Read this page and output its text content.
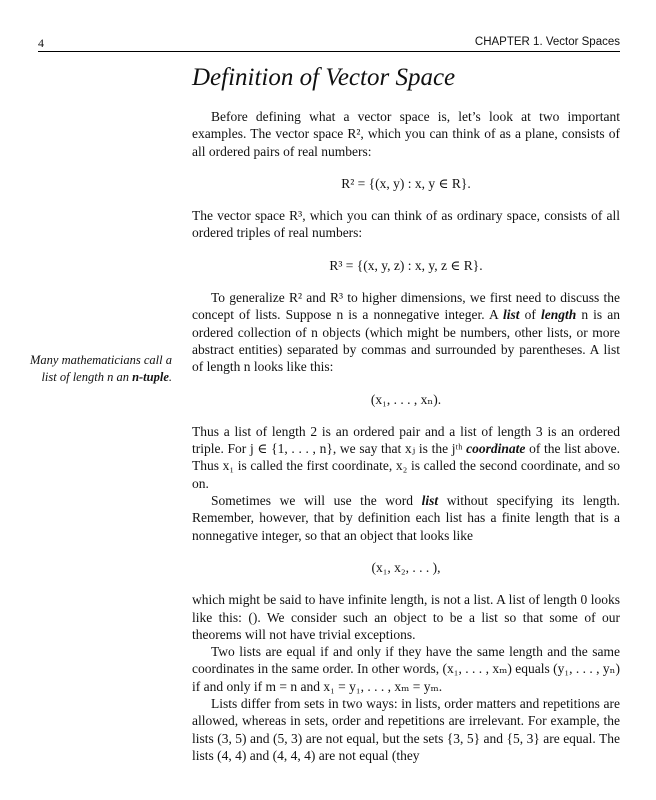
4	CHAPTER 1. Vector Spaces
Definition of Vector Space
Many mathematicians call a list of length n an n-tuple.

Before defining what a vector space is, let’s look at two important examples. The vector space R², which you can think of as a plane, consists of all ordered pairs of real numbers:

R² = {(x, y) : x, y ∈ R}.

The vector space R³, which you can think of as ordinary space, consists of all ordered triples of real numbers:

R³ = {(x, y, z) : x, y, z ∈ R}.

To generalize R² and R³ to higher dimensions, we first need to discuss the concept of lists. Suppose n is a nonnegative integer. A list of length n is an ordered collection of n objects (which might be numbers, other lists, or more abstract entities) separated by commas and surrounded by parentheses. A list of length n looks like this:

(x₁, . . . , xₙ).

Thus a list of length 2 is an ordered pair and a list of length 3 is an ordered triple. For j ∈ {1, . . . , n}, we say that xⱼ is the jᵗʰ coordinate of the list above. Thus x₁ is called the first coordinate, x₂ is called the second coordinate, and so on.

Sometimes we will use the word list without specifying its length. Remember, however, that by definition each list has a finite length that is a nonnegative integer, so that an object that looks like

(x₁, x₂, . . . ),

which might be said to have infinite length, is not a list. A list of length 0 looks like this: (). We consider such an object to be a list so that some of our theorems will not have trivial exceptions.

Two lists are equal if and only if they have the same length and the same coordinates in the same order. In other words, (x₁, . . . , xₘ) equals (y₁, . . . , yₙ) if and only if m = n and x₁ = y₁, . . . , xₘ = yₘ.

Lists differ from sets in two ways: in lists, order matters and repetitions are allowed, whereas in sets, order and repetitions are irrelevant. For example, the lists (3, 5) and (5, 3) are not equal, but the sets {3, 5} and {5, 3} are equal. The lists (4, 4) and (4, 4, 4) are not equal (they
